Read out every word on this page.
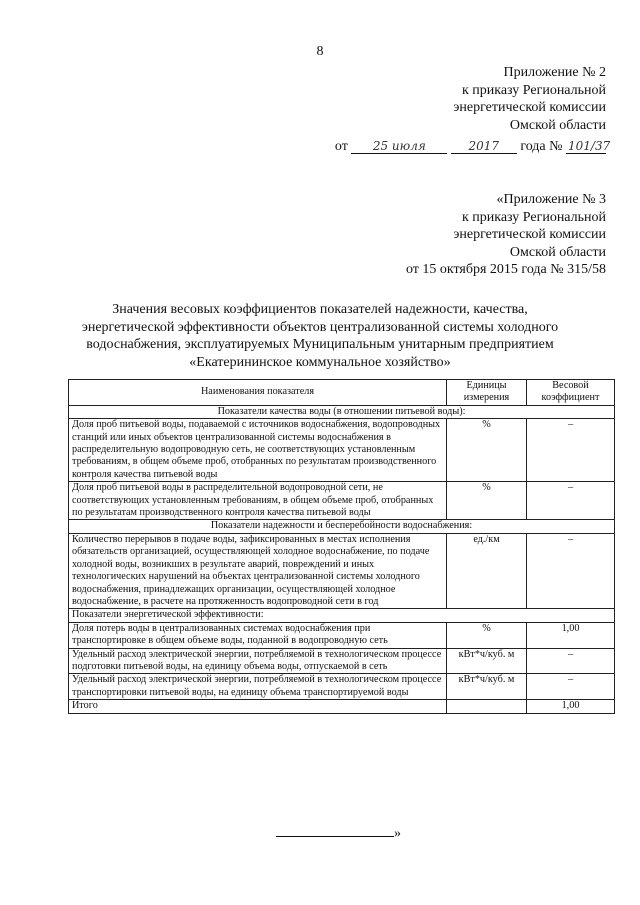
8
Приложение № 2
к приказу Региональной
энергетической комиссии
Омской области
от 25 июля	2017 года № 101/37
«Приложение № 3
к приказу Региональной
энергетической комиссии
Омской области
от 15 октября 2015 года № 315/58
Значения весовых коэффициентов показателей надежности, качества,
энергетической эффективности объектов централизованной системы холодного
водоснабжения, эксплуатируемых Муниципальным унитарным предприятием
«Екатерининское коммунальное хозяйство»
Наименования показателя	Единицы измерения	Весовой коэффициент
Показатели качества воды (в отношении питьевой воды):		
Доля проб питьевой воды, подаваемой с источников водоснабжения, водопроводных станций или иных объектов централизованной системы водоснабжения в распределительную водопроводную сеть, не соответствующих установленным требованиям, в общем объеме проб, отобранных по результатам производственного контроля качества питьевой воды	%	–
Доля проб питьевой воды в распределительной водопроводной сети, не соответствующих установленным требованиям, в общем объеме проб, отобранных по результатам производственного контроля качества питьевой воды	%	–
Показатели надежности и бесперебойности водоснабжения:		
Количество перерывов в подаче воды, зафиксированных в местах исполнения обязательств организацией, осуществляющей холодное водоснабжение, по подаче холодной воды, возникших в результате аварий, повреждений и иных технологических нарушений на объектах централизованной системы холодного водоснабжения, принадлежащих организации, осуществляющей холодное водоснабжение, в расчете на протяженность водопроводной сети в год	ед./км	–
Показатели энергетической эффективности:		
Доля потерь воды в централизованных системах водоснабжения при транспортировке в общем объеме воды, поданной в водопроводную сеть	%	1,00
Удельный расход электрической энергии, потребляемой в технологическом процессе подготовки питьевой воды, на единицу объема воды, отпускаемой в сеть	кВт*ч/куб. м	–
Удельный расход электрической энергии, потребляемой в технологическом процессе транспортировки питьевой воды, на единицу объема транспортируемой воды	кВт*ч/куб. м	–
Итого		1,00
»
